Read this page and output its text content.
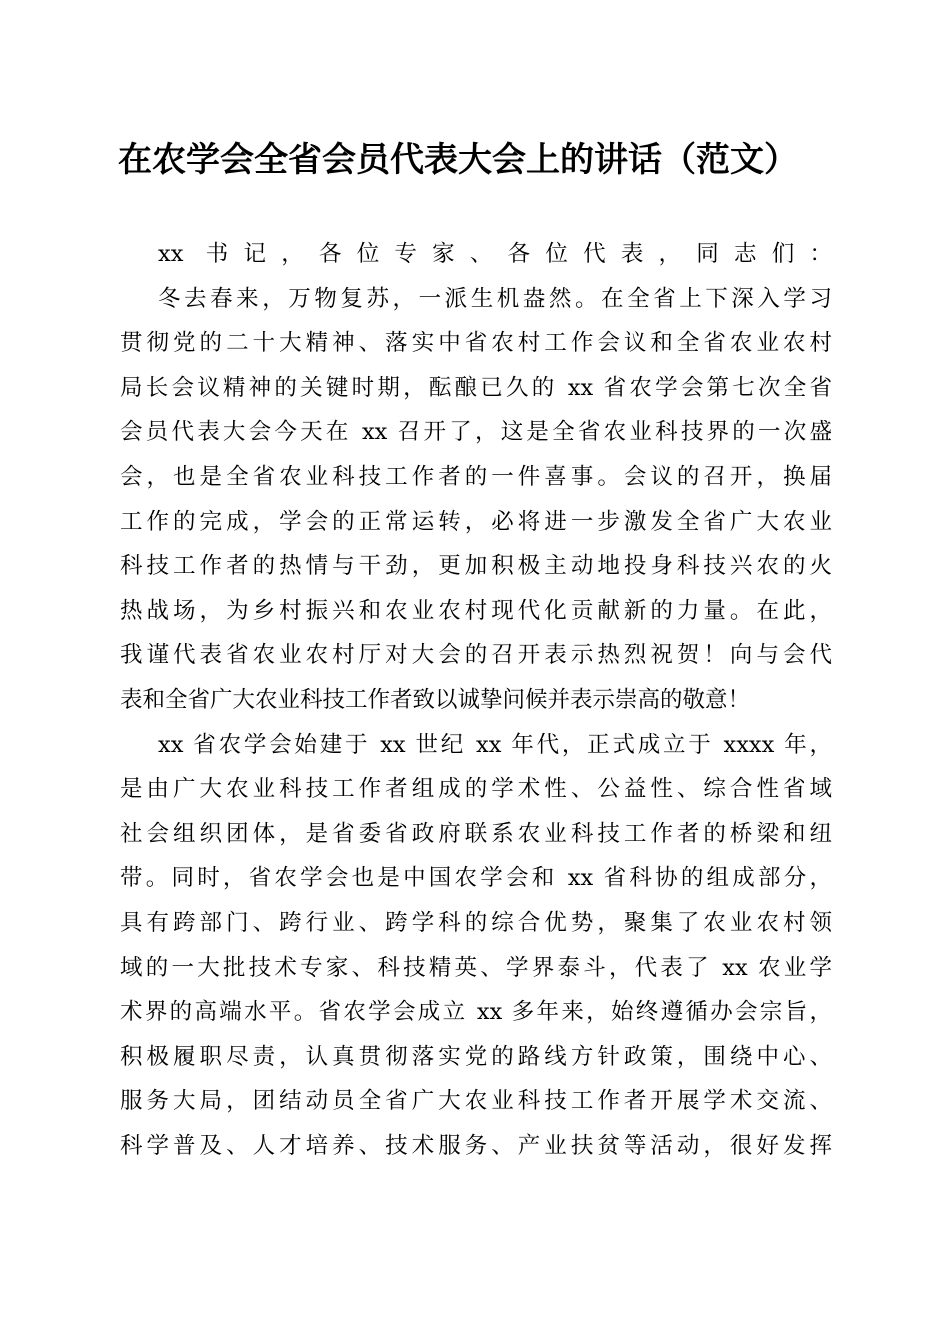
在农学会全省会员代表大会上的讲话（范文）
xx 书记，各位专家、各位代表，同志们：
冬去春来，万物复苏，一派生机盎然。在全省上下深入学习
贯彻党的二十大精神、落实中省农村工作会议和全省农业农村
局长会议精神的关键时期，酝酿已久的 xx 省农学会第七次全省
会员代表大会今天在 xx 召开了，这是全省农业科技界的一次盛
会，也是全省农业科技工作者的一件喜事。会议的召开，换届
工作的完成，学会的正常运转，必将进一步激发全省广大农业
科技工作者的热情与干劲，更加积极主动地投身科技兴农的火
热战场，为乡村振兴和农业农村现代化贡献新的力量。在此，
我谨代表省农业农村厅对大会的召开表示热烈祝贺！向与会代
表和全省广大农业科技工作者致以诚挚问候并表示崇高的敬意！
xx 省农学会始建于 xx 世纪 xx 年代，正式成立于 xxxx 年，
是由广大农业科技工作者组成的学术性、公益性、综合性省域
社会组织团体，是省委省政府联系农业科技工作者的桥梁和纽
带。同时，省农学会也是中国农学会和 xx 省科协的组成部分，
具有跨部门、跨行业、跨学科的综合优势，聚集了农业农村领
域的一大批技术专家、科技精英、学界泰斗，代表了 xx 农业学
术界的高端水平。省农学会成立 xx 多年来，始终遵循办会宗旨，
积极履职尽责，认真贯彻落实党的路线方针政策，围绕中心、
服务大局，团结动员全省广大农业科技工作者开展学术交流、
科学普及、人才培养、技术服务、产业扶贫等活动，很好发挥
